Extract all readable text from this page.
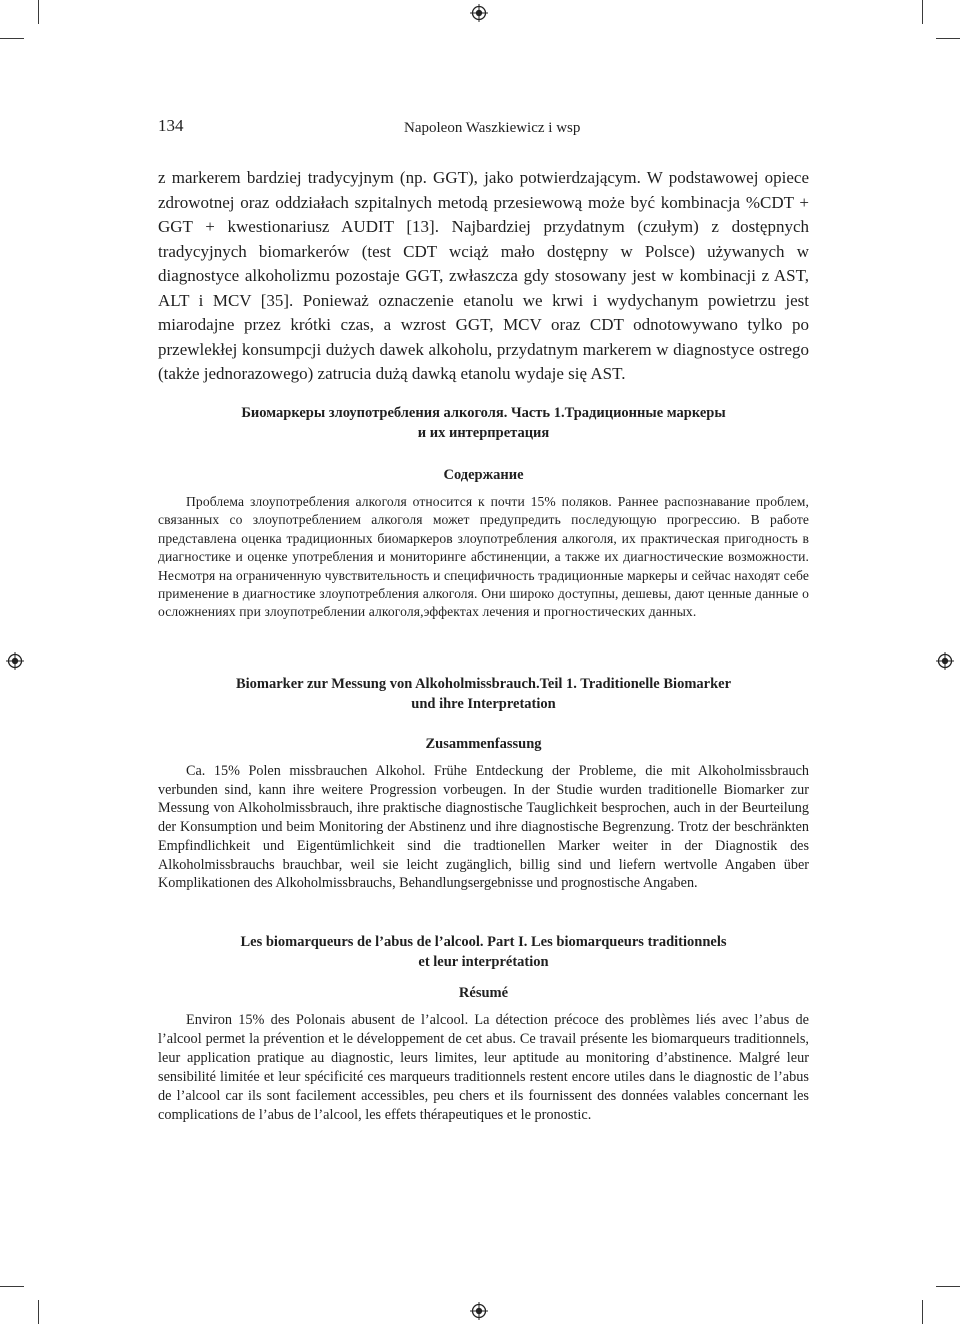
134	Napoleon Waszkiewicz i wsp
z markerem bardziej tradycyjnym (np. GGT), jako potwierdzającym. W podstawowej opiece zdrowotnej oraz oddziałach szpitalnych metodą przesiewową może być kombinacja %CDT + GGT + kwestionariusz AUDIT [13]. Najbardziej przydatnym (czułym) z dostępnych tradycyjnych biomarkerów (test CDT wciąż mało dostępny w Polsce) używanych w diagnostyce alkoholizmu pozostaje GGT, zwłaszcza gdy stosowany jest w kombinacji z AST, ALT i MCV [35]. Ponieważ oznaczenie etanolu we krwi i wydychanym powietrzu jest miarodajne przez krótki czas, a wzrost GGT, MCV oraz CDT odnotowywano tylko po przewlekłej konsumpcji dużych dawek alkoholu, przydatnym markerem w diagnostyce ostrego (także jednorazowego) zatrucia dużą dawką etanolu wydaje się AST.
Биомаркеры злоупотребления алкоголя. Часть 1.Традиционные маркеры
и их интерпретация
Содержание
Проблема злоупотребления алкоголя относится к почти 15% поляков. Раннее распознавание проблем, связанных со злоупотреблением алкоголя может предупредить последующую прогрессию. В работе представлена оценка традиционных биомаркеров злоупотребления алкоголя, их практическая пригодность в диагностике и оценке употребления и мониторинге абстиненции, а также их диагностические возможности. Несмотря на ограниченную чувствительность и специфичность традиционные маркеры и сейчас находят себе применение в диагностике злоупотребления алкоголя. Они широко доступны, дешевы, дают ценные данные о осложнениях при злоупотреблении алкоголя,эффектах лечения и прогностических данных.
Biomarker zur Messung von Alkoholmissbrauch.Teil 1. Traditionelle Biomarker
und ihre Interpretation
Zusammenfassung
Ca. 15% Polen missbrauchen Alkohol. Frühe Entdeckung der Probleme, die mit Alkoholmissbrauch verbunden sind, kann ihre weitere Progression vorbeugen. In der Studie wurden traditionelle Biomarker zur Messung von Alkoholmissbrauch, ihre praktische diagnostische Tauglichkeit besprochen, auch in der Beurteilung der Konsumption und beim Monitoring der Abstinenz und ihre diagnostische Begrenzung. Trotz der beschränkten Empfindlichkeit und Eigentümlichkeit sind die tradtionellen Marker weiter in der Diagnostik des Alkoholmissbrauchs brauchbar, weil sie leicht zugänglich, billig sind und liefern wertvolle Angaben über Komplikationen des Alkoholmissbrauchs, Behandlungsergebnisse und prognostische Angaben.
Les biomarqueurs de l’abus de l’alcool. Part I. Les biomarqueurs traditionnels
et leur interprétation
Résumé
Environ 15% des Polonais abusent de l’alcool. La détection précoce des problèmes liés avec l’abus de l’alcool permet la prévention et le développement de cet abus. Ce travail présente les biomarqueurs traditionnels, leur application pratique au diagnostic, leurs limites, leur aptitude au monitoring d’abstinence. Malgré leur sensibilité limitée et leur spécificité ces marqueurs traditionnels restent encore utiles dans le diagnostic de l’abus de l’alcool car ils sont facilement accessibles, peu chers et ils fournissent des données valables concernant les complications de l’abus de l’alcool, les effets thérapeutiques et le pronostic.
